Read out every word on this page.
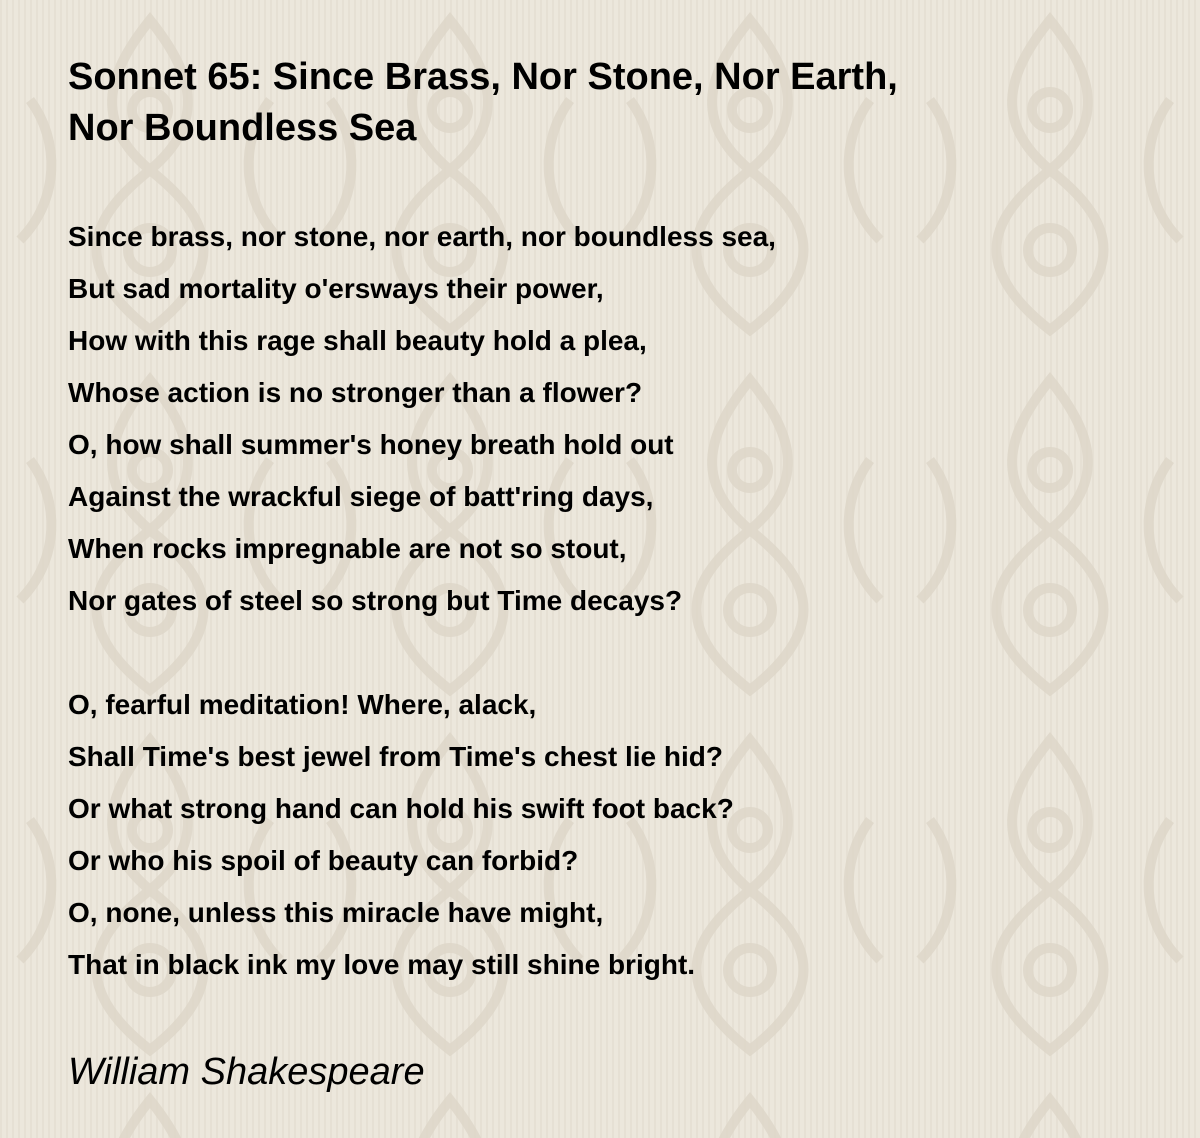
Sonnet 65: Since Brass, Nor Stone, Nor Earth,
Nor Boundless Sea
Since brass, nor stone, nor earth, nor boundless sea,
But sad mortality o'ersways their power,
How with this rage shall beauty hold a plea,
Whose action is no stronger than a flower?
O, how shall summer's honey breath hold out
Against the wrackful siege of batt'ring days,
When rocks impregnable are not so stout,
Nor gates of steel so strong but Time decays?
O, fearful meditation! Where, alack,
Shall Time's best jewel from Time's chest lie hid?
Or what strong hand can hold his swift foot back?
Or who his spoil of beauty can forbid?
O, none, unless this miracle have might,
That in black ink my love may still shine bright.
William Shakespeare
